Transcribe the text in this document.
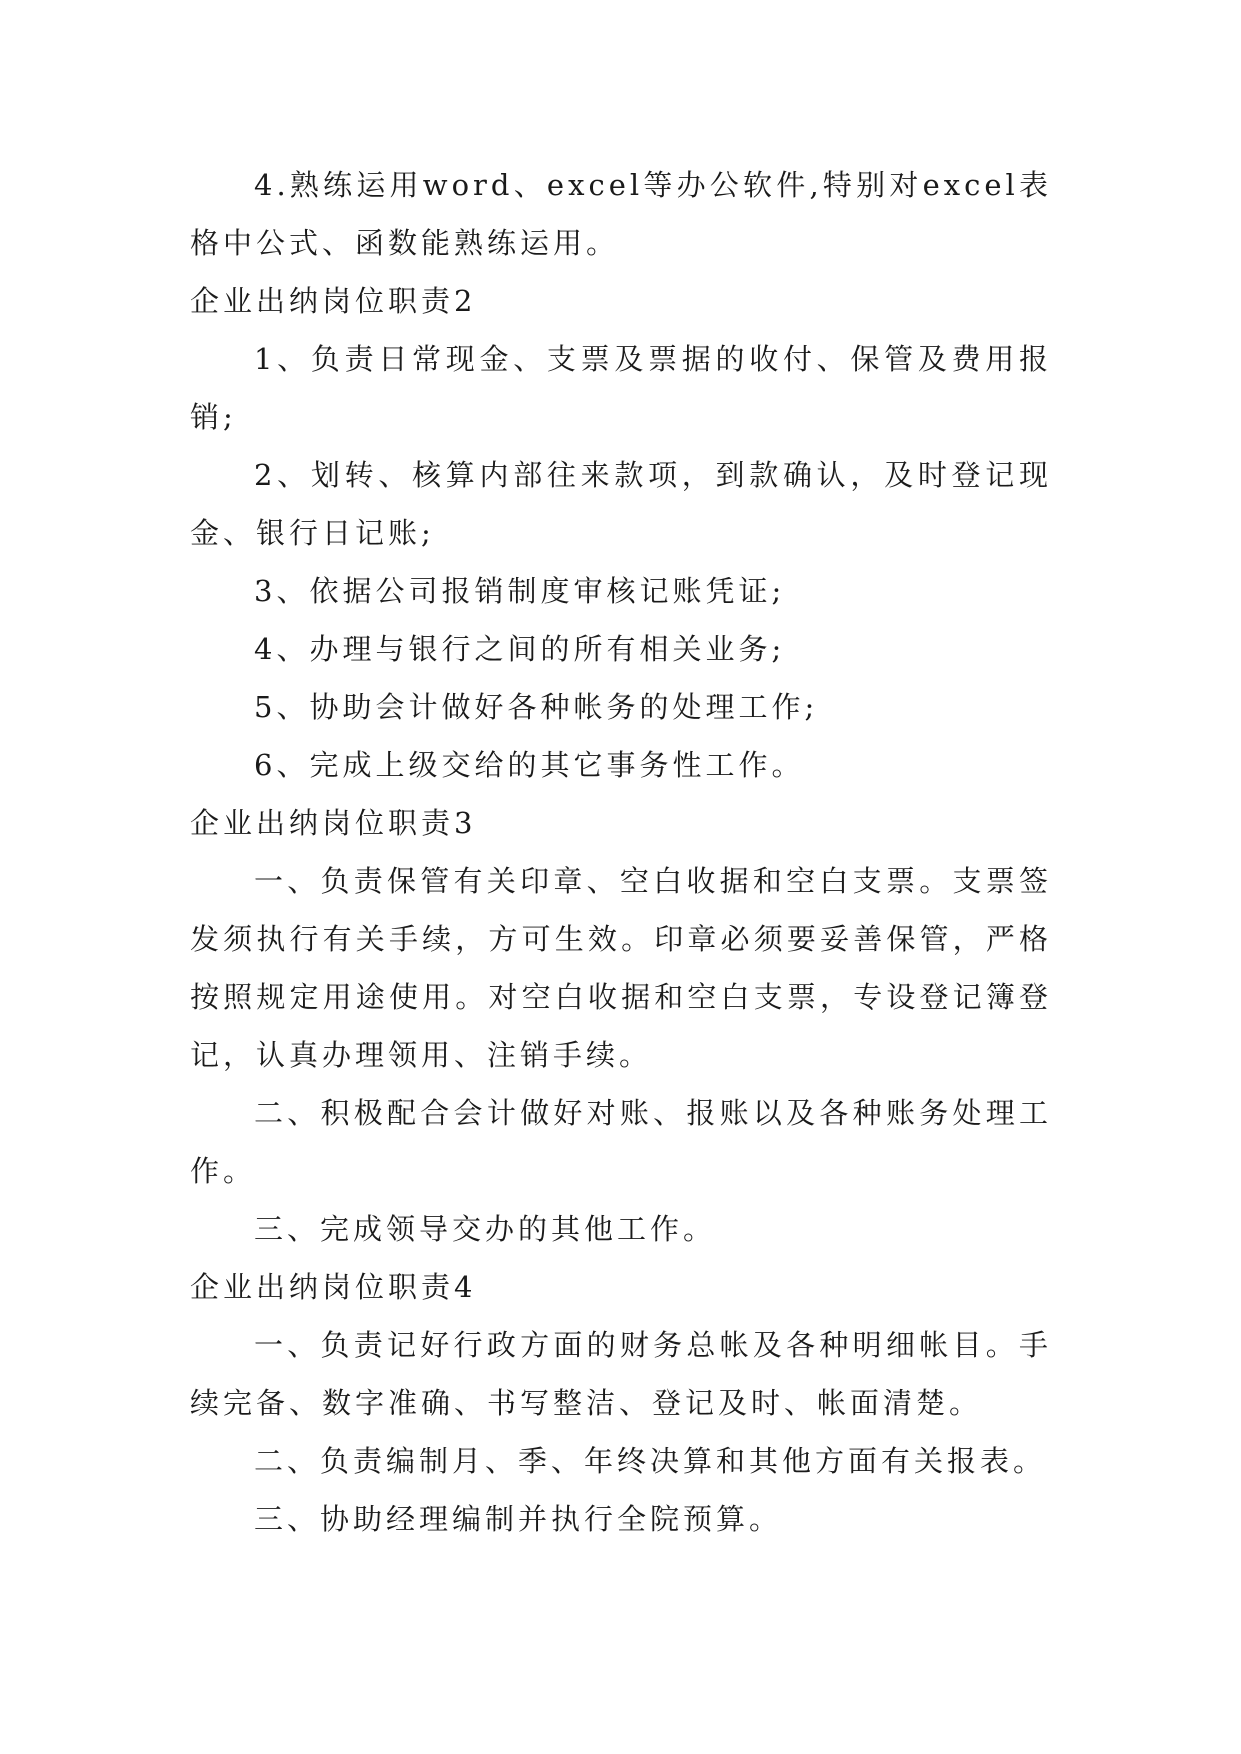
4.熟练运用word、excel等办公软件,特别对excel表格中公式、函数能熟练运用。

企业出纳岗位职责2

1、负责日常现金、支票及票据的收付、保管及费用报销;

2、划转、核算内部往来款项，到款确认，及时登记现金、银行日记账;

3、依据公司报销制度审核记账凭证;

4、办理与银行之间的所有相关业务;

5、协助会计做好各种帐务的处理工作;

6、完成上级交给的其它事务性工作。

企业出纳岗位职责3

一、负责保管有关印章、空白收据和空白支票。支票签发须执行有关手续，方可生效。印章必须要妥善保管，严格按照规定用途使用。对空白收据和空白支票，专设登记簿登记，认真办理领用、注销手续。

二、积极配合会计做好对账、报账以及各种账务处理工作。

三、完成领导交办的其他工作。

企业出纳岗位职责4

一、负责记好行政方面的财务总帐及各种明细帐目。手续完备、数字准确、书写整洁、登记及时、帐面清楚。

二、负责编制月、季、年终决算和其他方面有关报表。

三、协助经理编制并执行全院预算。
